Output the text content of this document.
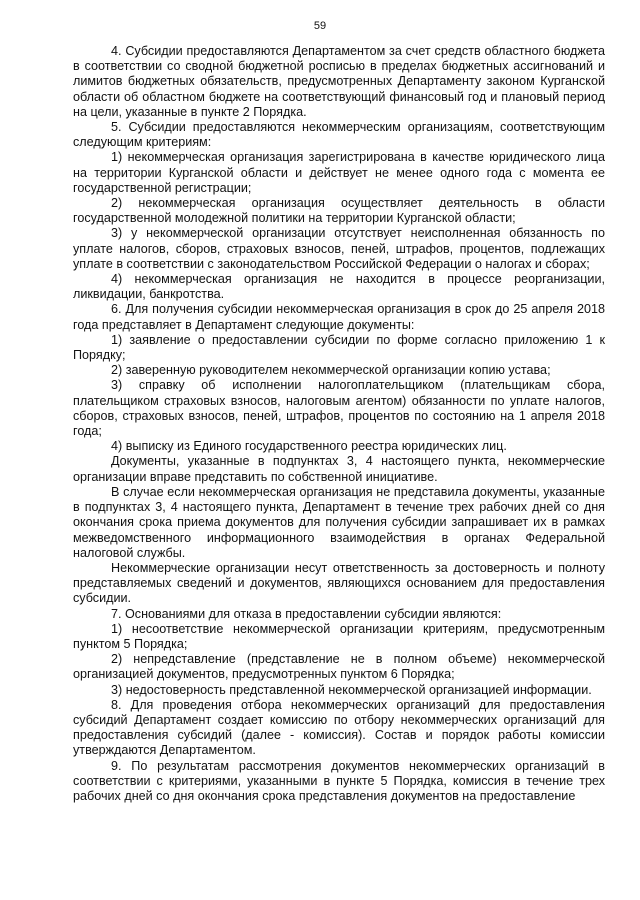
59

4. Субсидии предоставляются Департаментом за счет средств областного бюджета в соответствии со сводной бюджетной росписью в пределах бюджетных ассигнований и лимитов бюджетных обязательств, предусмотренных Департаменту законом Курганской области об областном бюджете на соответствующий финансовый год и плановый период на цели, указанные в пункте 2 Порядка.

5. Субсидии предоставляются некоммерческим организациям, соответствующим следующим критериям:

1) некоммерческая организация зарегистрирована в качестве юридического лица на территории Курганской области и действует не менее одного года с момента ее государственной регистрации;

2) некоммерческая организация осуществляет деятельность в области государственной молодежной политики на территории Курганской области;

3) у некоммерческой организации отсутствует неисполненная обязанность по уплате налогов, сборов, страховых взносов, пеней, штрафов, процентов, подлежащих уплате в соответствии с законодательством Российской Федерации о налогах и сборах;

4) некоммерческая организация не находится в процессе реорганизации, ликвидации, банкротства.

6. Для получения субсидии некоммерческая организация в срок до 25 апреля 2018 года представляет в Департамент следующие документы:

1) заявление о предоставлении субсидии по форме согласно приложению 1 к Порядку;

2) заверенную руководителем некоммерческой организации копию устава;

3) справку об исполнении налогоплательщиком (плательщикам сбора, плательщиком страховых взносов, налоговым агентом) обязанности по уплате налогов, сборов, страховых взносов, пеней, штрафов, процентов по состоянию на 1 апреля 2018 года;

4) выписку из Единого государственного реестра юридических лиц.

Документы, указанные в подпунктах 3, 4 настоящего пункта, некоммерческие организации вправе представить по собственной инициативе.

В случае если некоммерческая организация не представила документы, указанные в подпунктах 3, 4 настоящего пункта, Департамент в течение трех рабочих дней со дня окончания срока приема документов для получения субсидии запрашивает их в рамках межведомственного информационного взаимодействия в органах Федеральной налоговой службы.

Некоммерческие организации несут ответственность за достоверность и полноту представляемых сведений и документов, являющихся основанием для предоставления субсидии.

7. Основаниями для отказа в предоставлении субсидии являются:

1) несоответствие некоммерческой организации критериям, предусмотренным пунктом 5 Порядка;

2) непредставление (представление не в полном объеме) некоммерческой организацией документов, предусмотренных пунктом 6 Порядка;

3) недостоверность представленной некоммерческой организацией информации.

8. Для проведения отбора некоммерческих организаций для предоставления субсидий Департамент создает комиссию по отбору некоммерческих организаций для предоставления субсидий (далее - комиссия). Состав и порядок работы комиссии утверждаются Департаментом.

9. По результатам рассмотрения документов некоммерческих организаций в соответствии с критериями, указанными в пункте 5 Порядка, комиссия в течение трех рабочих дней со дня окончания срока представления документов на предоставление
